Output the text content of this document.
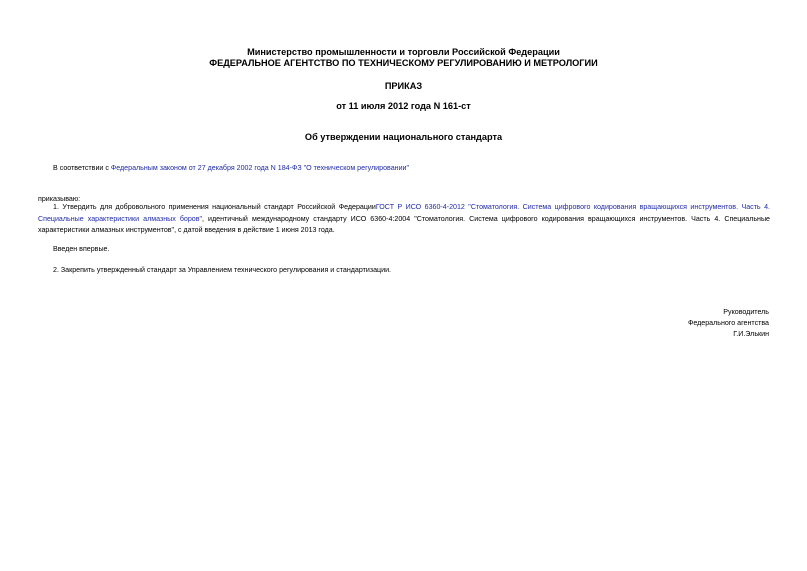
Министерство промышленности и торговли Российской Федерации
ФЕДЕРАЛЬНОЕ АГЕНТСТВО ПО ТЕХНИЧЕСКОМУ РЕГУЛИРОВАНИЮ И МЕТРОЛОГИИ
ПРИКАЗ
от 11 июля 2012 года N 161-ст
Об утверждении национального стандарта
В соответствии с Федеральным законом от 27 декабря 2002 года N 184-ФЗ "О техническом регулировании"
приказываю:
1. Утвердить для добровольного применения национальный стандарт Российской ФедерацииГОСТ Р ИСО 6360-4-2012 "Стоматология. Система цифрового кодирования вращающихся инструментов. Часть 4. Специальные характеристики алмазных боров", идентичный международному стандарту ИСО 6360-4:2004 "Стоматология. Система цифрового кодирования вращающихся инструментов. Часть 4. Специальные характеристики алмазных инструментов", с датой введения в действие 1 июня 2013 года.
Введен впервые.
2. Закрепить утвержденный стандарт за Управлением технического регулирования и стандартизации.
Руководитель
Федерального агентства
Г.И.Элькин
